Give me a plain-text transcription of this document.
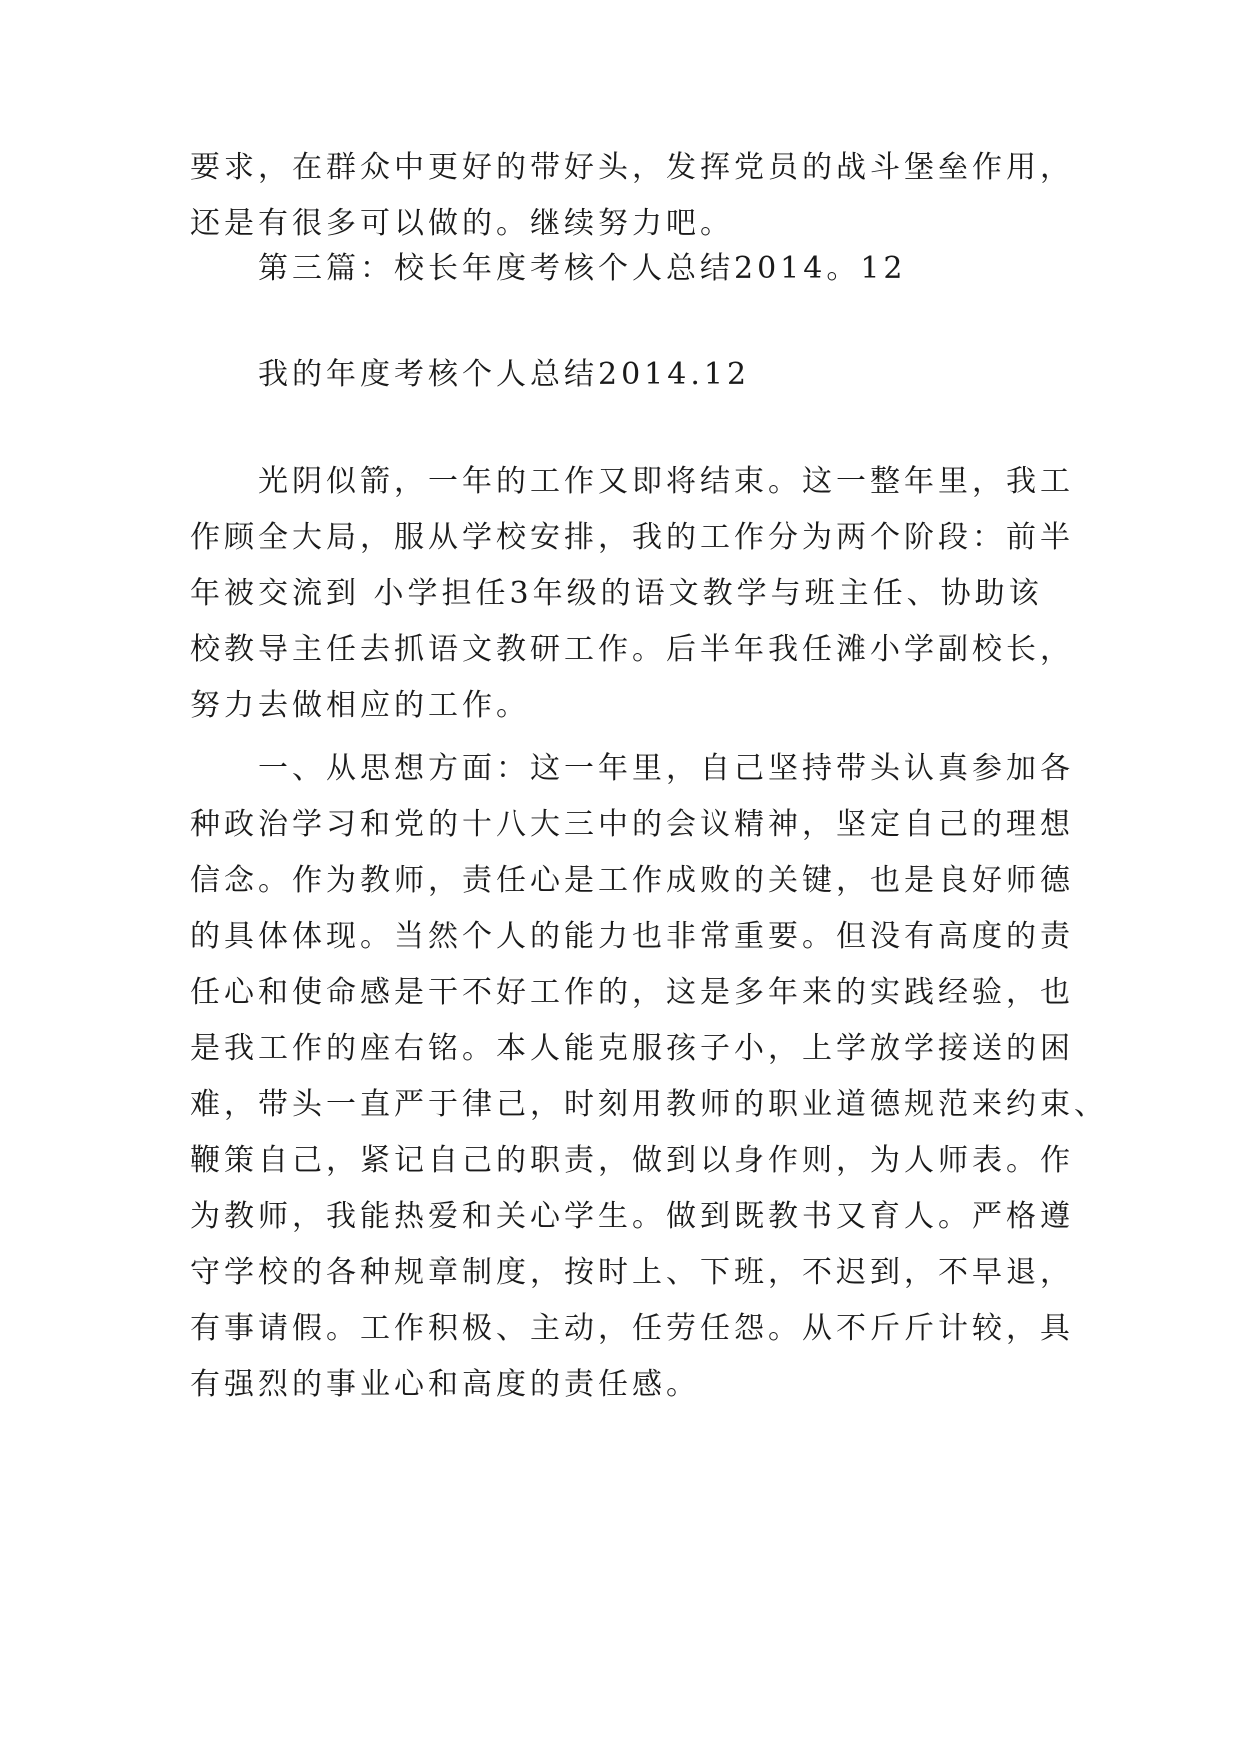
要求，在群众中更好的带好头，发挥党员的战斗堡垒作用，
还是有很多可以做的。继续努力吧。
第三篇：校长年度考核个人总结2014。12
我的年度考核个人总结2014.12
光阴似箭，一年的工作又即将结束。这一整年里，我工
作顾全大局，服从学校安排，我的工作分为两个阶段：前半
年被交流到 小学担任3年级的语文教学与班主任、协助该
校教导主任去抓语文教研工作。后半年我任滩小学副校长，
努力去做相应的工作。
一、从思想方面：这一年里，自己坚持带头认真参加各
种政治学习和党的十八大三中的会议精神，坚定自己的理想
信念。作为教师，责任心是工作成败的关键，也是良好师德
的具体体现。当然个人的能力也非常重要。但没有高度的责
任心和使命感是干不好工作的，这是多年来的实践经验，也
是我工作的座右铭。本人能克服孩子小，上学放学接送的困
难，带头一直严于律己，时刻用教师的职业道德规范来约束、
鞭策自己，紧记自己的职责，做到以身作则，为人师表。作
为教师，我能热爱和关心学生。做到既教书又育人。严格遵
守学校的各种规章制度，按时上、下班，不迟到，不早退，
有事请假。工作积极、主动，任劳任怨。从不斤斤计较，具
有强烈的事业心和高度的责任感。
